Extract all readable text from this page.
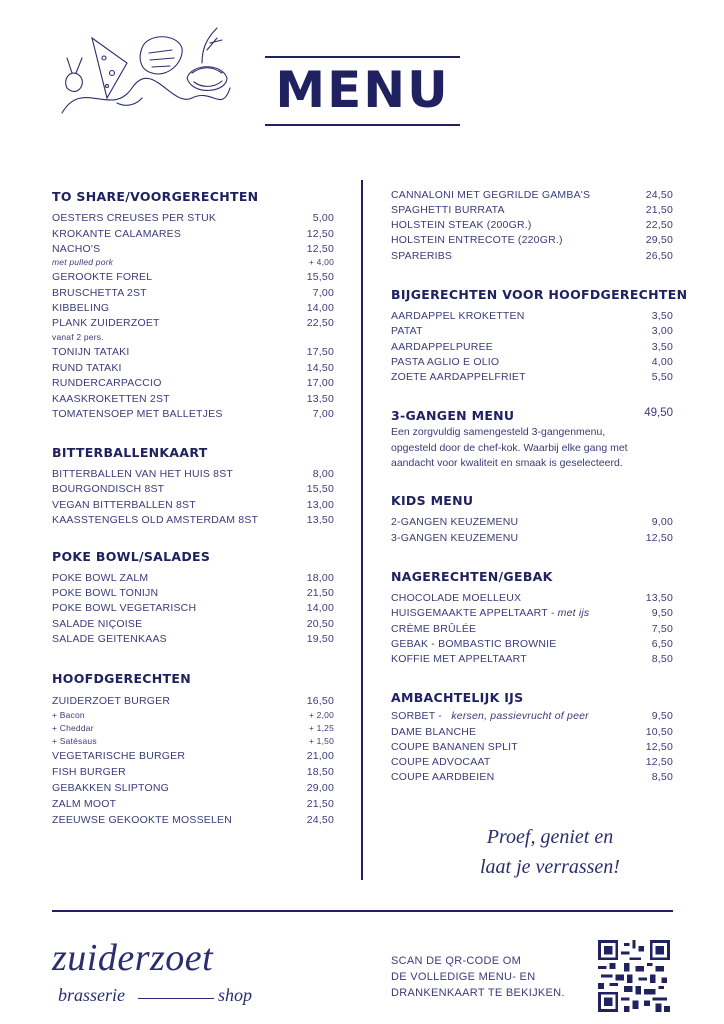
MENU
TO SHARE/VOORGERECHTEN
OESTERS CREUSES PER STUK	5,00
KROKANTE CALAMARES	12,50
NACHO'S	12,50
met pulled pork	+ 4,00
GEROOKTE FOREL	15,50
BRUSCHETTA 2ST	7,00
KIBBELING	14,00
PLANK ZUIDERZOET	22,50
vanaf 2 pers.
TONIJN TATAKI	17,50
RUND TATAKI	14,50
RUNDERCARPACCIO	17,00
KAASKROKETTEN 2ST	13,50
TOMATENSOEP MET BALLETJES	7,00
BITTERBALLENKAART
BITTERBALLEN VAN HET HUIS 8ST	8,00
BOURGONDISCH 8ST	15,50
VEGAN BITTERBALLEN 8ST	13,00
KAASSTENGELS OLD AMSTERDAM 8ST	13,50
POKE BOWL/SALADES
POKE BOWL ZALM	18,00
POKE BOWL TONIJN	21,50
POKE BOWL VEGETARISCH	14,00
SALADE NIÇOISE	20,50
SALADE GEITENKAAS	19,50
HOOFDGERECHTEN
ZUIDERZOET BURGER	16,50
+ Bacon	+ 2,00
+ Cheddar	+ 1,25
+ Satésaus	+ 1,50
VEGETARISCHE BURGER	21,00
FISH BURGER	18,50
GEBAKKEN SLIPTONG	29,00
ZALM MOOT	21,50
ZEEUWSE GEKOOKTE MOSSELEN	24,50
CANNALONI MET GEGRILDE GAMBA'S	24,50
SPAGHETTI BURRATA	21,50
HOLSTEIN STEAK (200GR.)	22,50
HOLSTEIN ENTRECOTE (220GR.)	29,50
SPARERIBS	26,50
BIJGERECHTEN VOOR HOOFDGERECHTEN
AARDAPPEL KROKETTEN	3,50
PATAT	3,00
AARDAPPELPUREE	3,50
PASTA AGLIO E OLIO	4,00
ZOETE AARDAPPELFRIET	5,50
3-GANGEN MENU	49,50
Een zorgvuldig samengesteld 3-gangenmenu, opgesteld door de chef-kok. Waarbij elke gang met aandacht voor kwaliteit en smaak is geselecteerd.
KIDS MENU
2-GANGEN KEUZEMENU	9,00
3-GANGEN KEUZEMENU	12,50
NAGERECHTEN/GEBAK
CHOCOLADE MOELLEUX	13,50
HUISGEMAAKTE APPELTAART - met ijs	9,50
CRÈME BRÛLÉE	7,50
GEBAK - BOMBASTIC BROWNIE	6,50
KOFFIE MET APPELTAART	8,50
AMBACHTELIJK IJS
SORBET - kersen, passievrucht of peer	9,50
DAME BLANCHE	10,50
COUPE BANANEN SPLIT	12,50
COUPE ADVOCAAT	12,50
COUPE AARDBEIEN	8,50
Proef, geniet en
laat je verrassen!
zuiderzoet
brasserie	shop
SCAN DE QR-CODE OM
DE VOLLEDIGE MENU- EN
DRANKENKAART TE BEKIJKEN.
